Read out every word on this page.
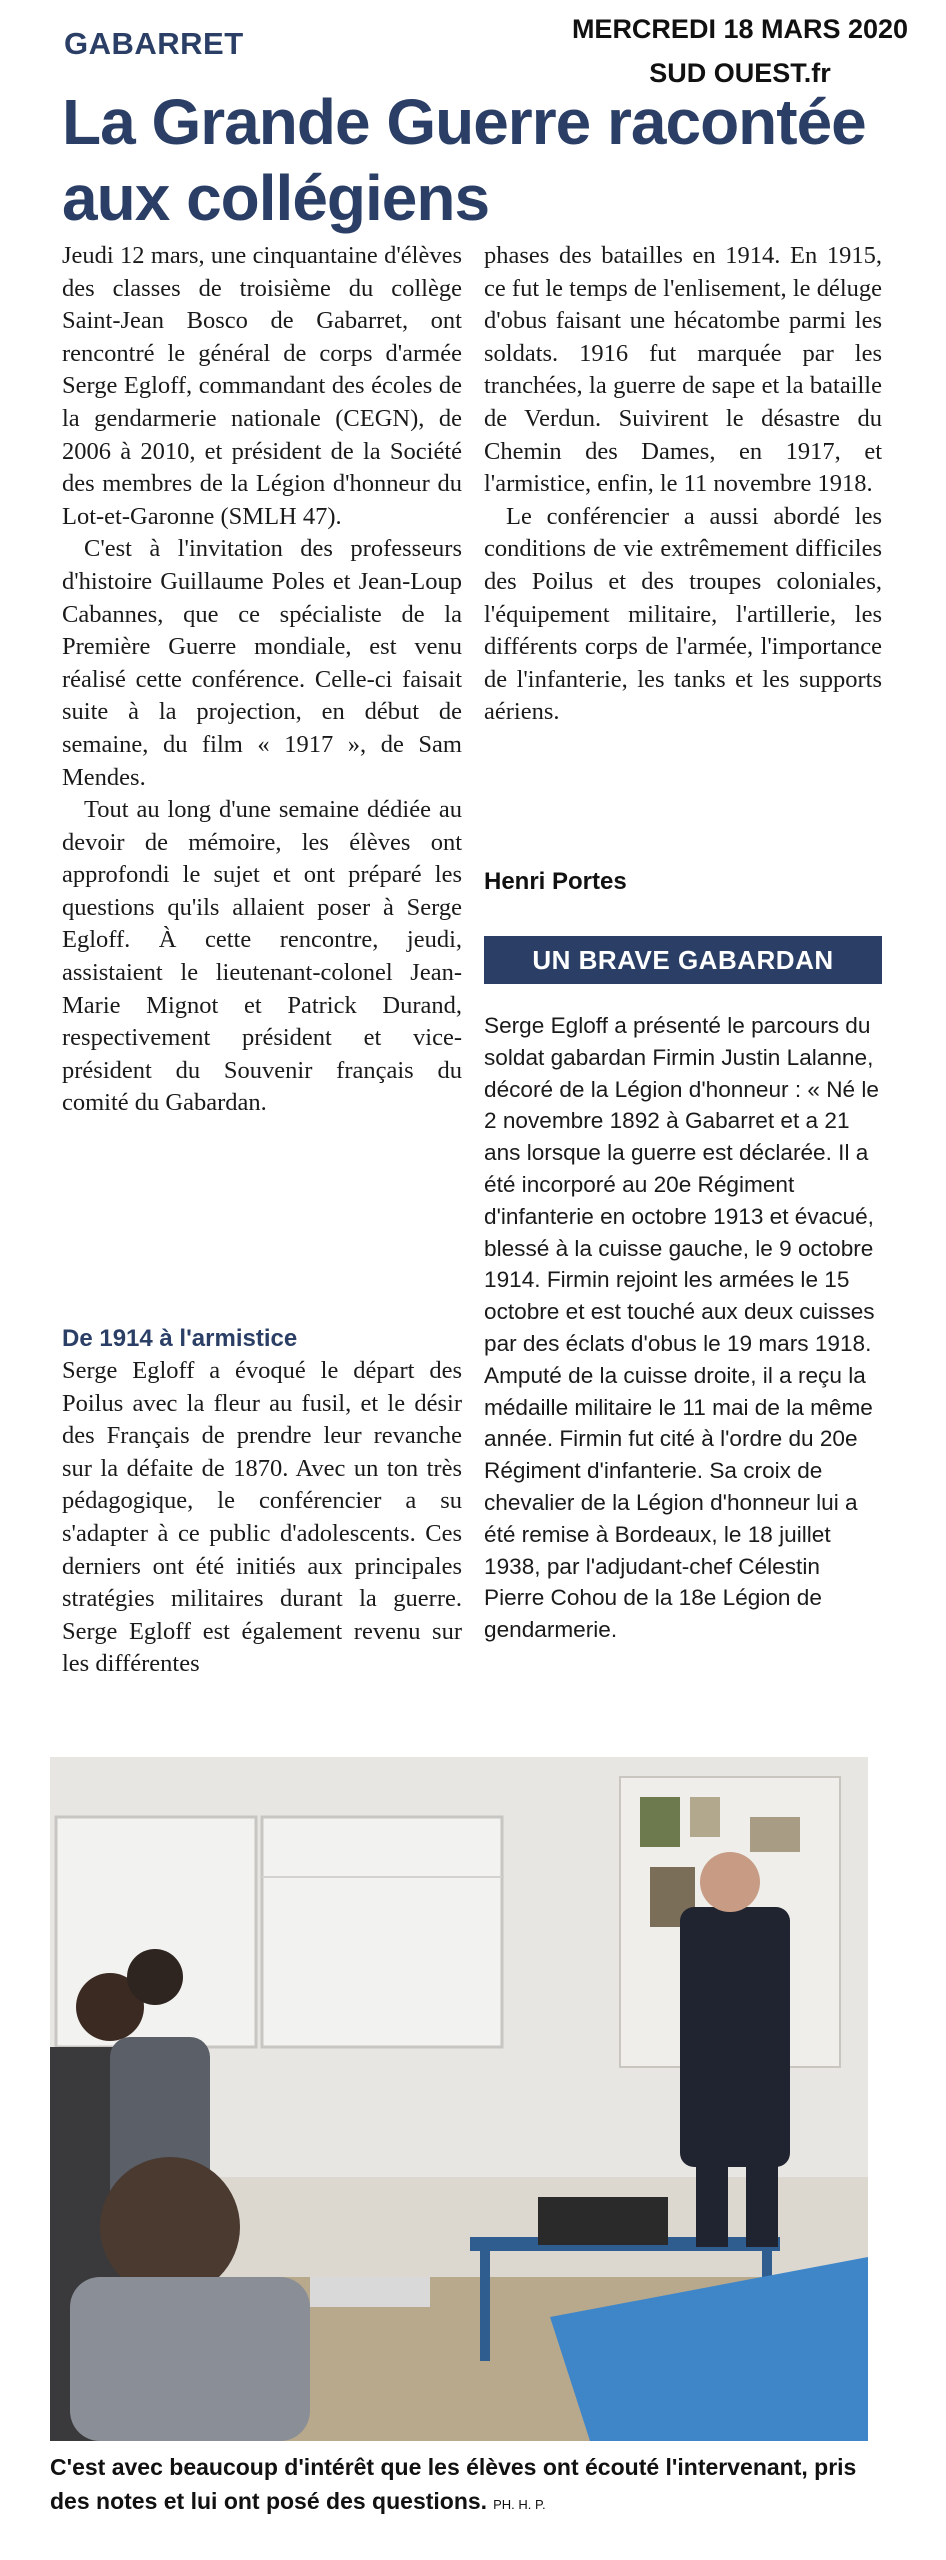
GABARRET	MERCREDI 18 MARS 2020
SUD OUEST.fr
La Grande Guerre racontée aux collégiens

Jeudi 12 mars, une cinquantaine d'élèves des classes de troisième du collège Saint-Jean Bosco de Gabarret, ont rencontré le général de corps d'armée Serge Egloff, commandant des écoles de la gendarmerie nationale (CEGN), de 2006 à 2010, et président de la Société des membres de la Légion d'honneur du Lot-et-Garonne (SMLH 47).

C'est à l'invitation des professeurs d'histoire Guillaume Poles et Jean-Loup Cabannes, que ce spécialiste de la Première Guerre mondiale, est venu réalisé cette conférence. Celle-ci faisait suite à la projection, en début de semaine, du film « 1917 », de Sam Mendes.

Tout au long d'une semaine dédiée au devoir de mémoire, les élèves ont approfondi le sujet et ont préparé les questions qu'ils allaient poser à Serge Egloff. À cette rencontre, jeudi, assistaient le lieutenant-colonel Jean-Marie Mignot et Patrick Durand, respectivement président et vice-président du Souvenir français du comité du Gabardan.

De 1914 à l'armistice

Serge Egloff a évoqué le départ des Poilus avec la fleur au fusil, et le désir des Français de prendre leur revanche sur la défaite de 1870. Avec un ton très pédagogique, le conférencier a su s'adapter à ce public d'adolescents. Ces derniers ont été initiés aux principales stratégies militaires durant la guerre. Serge Egloff est également revenu sur les différentes

phases des batailles en 1914. En 1915, ce fut le temps de l'enlisement, le déluge d'obus faisant une hécatombe parmi les soldats. 1916 fut marquée par les tranchées, la guerre de sape et la bataille de Verdun. Suivirent le désastre du Chemin des Dames, en 1917, et l'armistice, enfin, le 11 novembre 1918.

Le conférencier a aussi abordé les conditions de vie extrêmement difficiles des Poilus et des troupes coloniales, l'équipement militaire, l'artillerie, les différents corps de l'armée, l'importance de l'infanterie, les tanks et les supports aériens.

Henri Portes
UN BRAVE GABARDAN
Serge Egloff a présenté le parcours du soldat gabardan Firmin Justin Lalanne, décoré de la Légion d'honneur : « Né le 2 novembre 1892 à Gabarret et a 21 ans lorsque la guerre est déclarée. Il a été incorporé au 20e Régiment d'infanterie en octobre 1913 et évacué, blessé à la cuisse gauche, le 9 octobre 1914. Firmin rejoint les armées le 15 octobre et est touché aux deux cuisses par des éclats d'obus le 19 mars 1918. Amputé de la cuisse droite, il a reçu la médaille militaire le 11 mai de la même année. Firmin fut cité à l'ordre du 20e Régiment d'infanterie. Sa croix de chevalier de la Légion d'honneur lui a été remise à Bordeaux, le 18 juillet 1938, par l'adjudant-chef Célestin Pierre Cohou de la 18e Légion de gendarmerie.
C'est avec beaucoup d'intérêt que les élèves ont écouté l'intervenant, pris des notes et lui ont posé des questions. PH. H. P.
